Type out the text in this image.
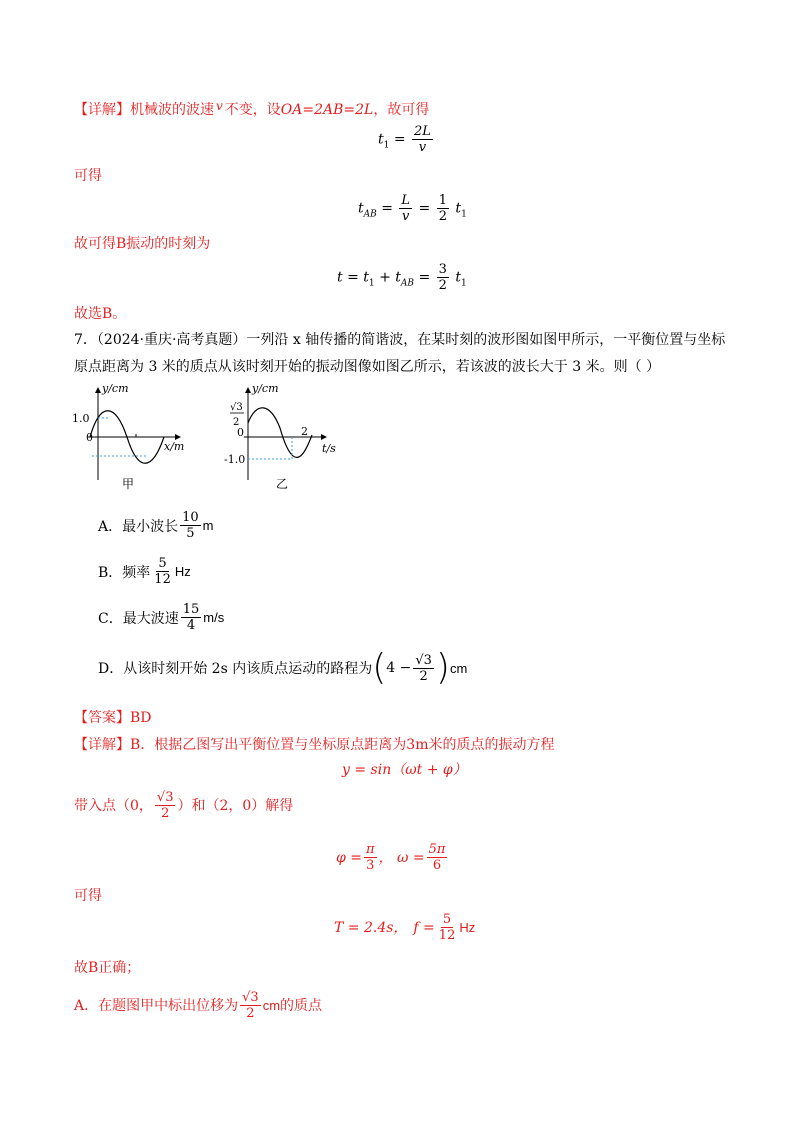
【详解】机械波的波速 v 不变，设OA=2AB=2L，故可得
$t_1 = \frac{2L}{v}$
可得
$t_{AB} = \frac{L}{v} = \frac{1}{2} t_1$
故可得B振动的时刻为
$t = t_1 + t_{AB} = \frac{3}{2} t_1$
故选B。
7．（2024·重庆·高考真题）一列沿 x 轴传播的简谐波，在某时刻的波形图如图甲所示，一平衡位置与坐标
原点距离为 3 米的质点从该时刻开始的振动图像如图乙所示，若该波的波长大于 3 米。则（ ）
y/cm
x/m
1.0
0
甲
y/cm
t/s
√3
2
0
-1.0
2
乙
A．最小波长 $\frac{10}{5}$ m
B．频率 $\frac{5}{12}$ Hz
C．最大波速 $\frac{15}{4} m/s$
D．从该时刻开始 2s 内该质点运动的路程为 ( $4 - \frac{√3}{2}$ ) cm
【答案】BD
【详解】B．根据乙图写出平衡位置与坐标原点距离为3m米的质点的振动方程
y = sin（ωt + φ）
带入点（0， $\frac{√3}{2}$ ）和（2，0）解得
$\varphi = \frac{\pi}{3}$ ， $\omega = \frac{5\pi}{6}$
可得
T = 2.4s， $f = \frac{5}{12}$ Hz
故B正确；
A．在题图甲中标出位移为 $\frac{√3}{2}$ cm 的质点
